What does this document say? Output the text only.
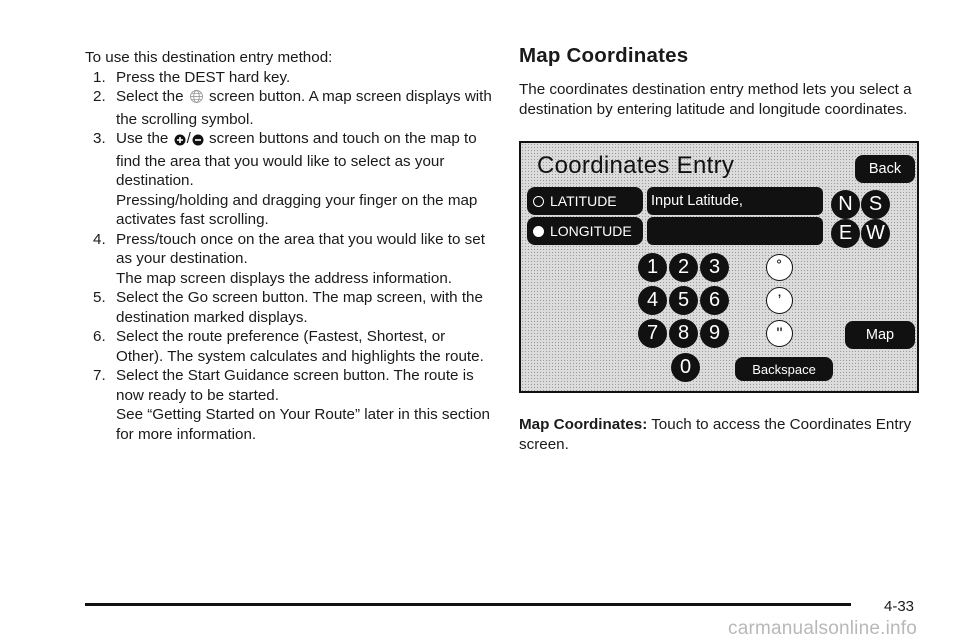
To use this destination entry method:

1. Press the DEST hard key.

2. Select the screen button. A map screen displays with the scrolling symbol.

3. Use the / screen buttons and touch on the map to find the area that you would like to select as your destination.

Pressing/holding and dragging your finger on the map activates fast scrolling.

4. Press/touch once on the area that you would like to set as your destination.

The map screen displays the address information.

5. Select the Go screen button. The map screen, with the destination marked displays.

6. Select the route preference (Fastest, Shortest, or Other). The system calculates and highlights the route.

7. Select the Start Guidance screen button. The route is now ready to be started.

See “Getting Started on Your Route” later in this section for more information.

Map Coordinates

The coordinates destination entry method lets you select a destination by entering latitude and longitude coordinates.

Coordinates Entry	Back
LATITUDE
LONGITUDE
Input Latitude,	N S
E W
1 2 3
4 5 6
7 8 9
0
˚
’
"	Map
Backspace

Map Coordinates: Touch to access the Coordinates Entry screen.

4-33
carmanualsonline.info
